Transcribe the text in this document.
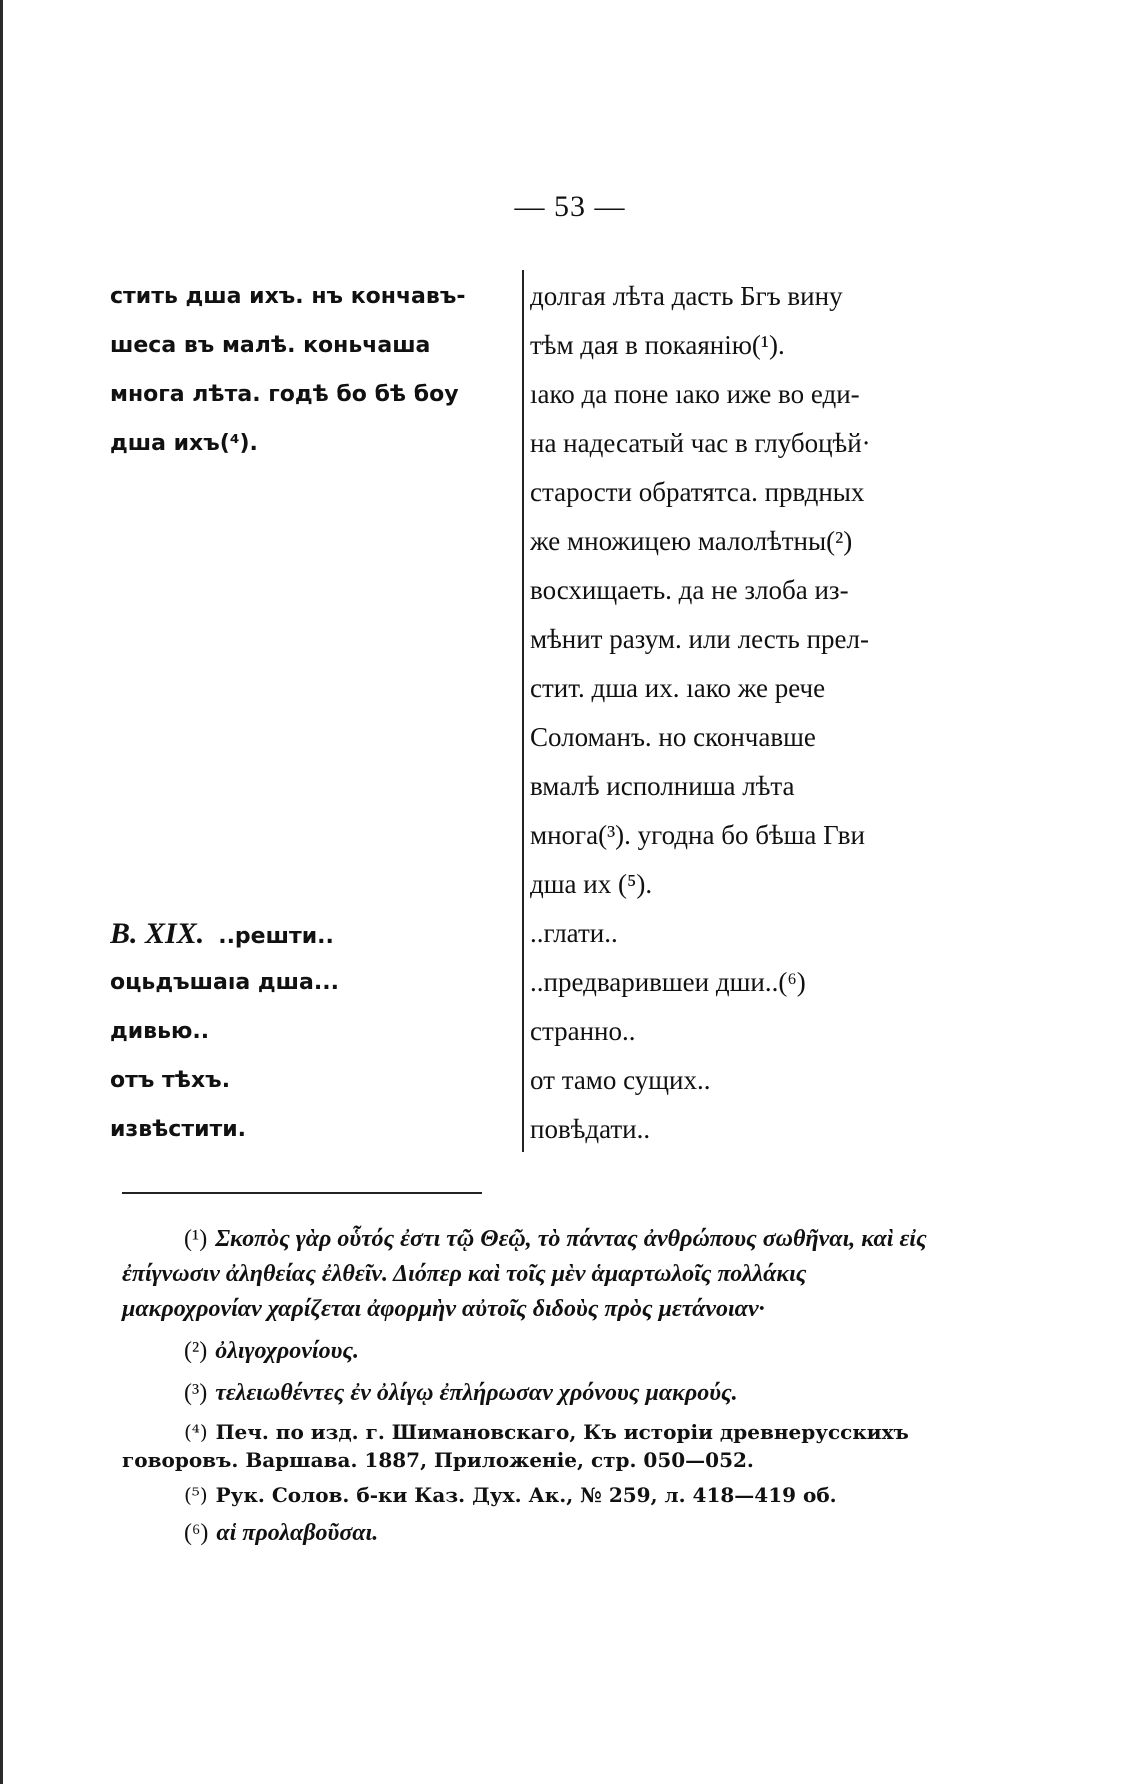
— 53 —
стить дша ихъ. нъ кончавъ-
шеса въ малѣ. коньчаша
многа лѣта. годѣ бо бѣ боу
дша ихъ(⁴).
B. XIX. ..решти..
оцьдъшаıа дша...
дивью..
отъ тѣхъ.
извѣстити.
долгая лѣта дасть Бгъ вину
тѣм дая в покаянію(¹).
ıако да поне ıако иже во еди-
на надесатый час в глубоцѣй·
старости обратятса. првдных
же множицею малолѣтны(²)
восхищаеть. да не злоба из-
мѣнит разум. или лесть прел-
стит. дша их. ıако же рече
Соломанъ. но скончавше
вмалѣ исполниша лѣта
многа(³). угодна бо бѣша Гви
дша их (⁵).
..глати..
..предварившеи дши..(⁶)
странно..
от тамо сущих..
повѣдати..

(¹) Σκοπὸς γὰρ οὗτός ἐστι τῷ Θεῷ, τὸ πάντας ἀνθρώπους σωθῆναι, καὶ εἰς ἐπίγνωσιν ἀληθείας ἐλθεῖν. Διόπερ καὶ τοῖς μὲν ἁμαρτωλοῖς πολλάκις μακροχρονίαν χαρίζεται ἀφορμὴν αὐτοῖς διδοὺς πρὸς μετάνοιαν·

(²) ὀλιγοχρονίους.

(³) τελειωθέντες ἐν ὀλίγῳ ἐπλήρωσαν χρόνους μακρούς.

(⁴) Печ. по изд. г. Шимановскаго, Къ исторіи древнерусскихъ говоровъ. Варшава. 1887, Приложеніе, стр. 050—052.

(⁵) Рук. Солов. б-ки Каз. Дух. Ак., № 259, л. 418—419 об.

(⁶) αἱ προλαβοῦσαι.
